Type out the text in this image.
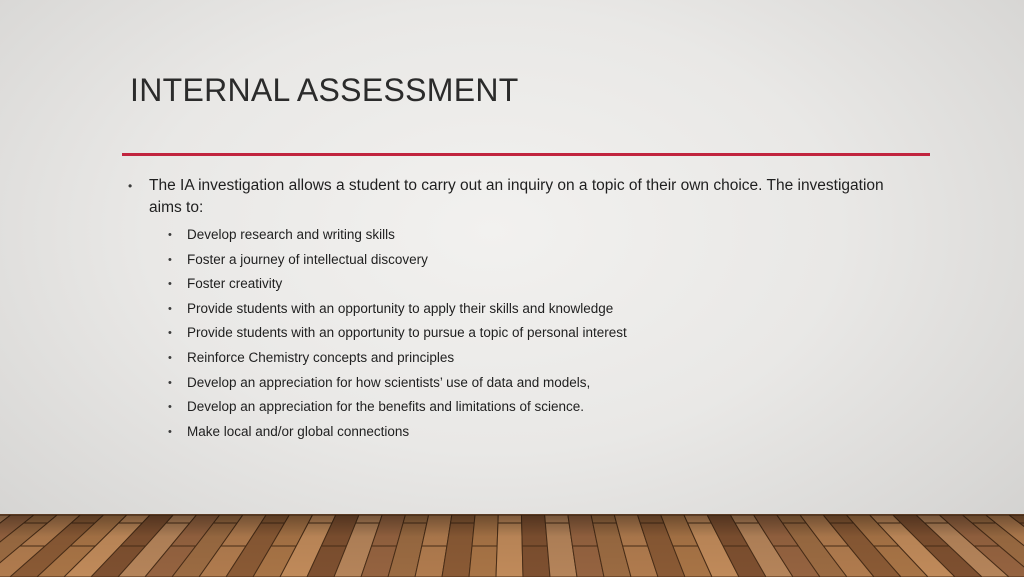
INTERNAL ASSESSMENT
• The IA investigation allows a student to carry out an inquiry on a topic of their own choice. The investigation aims to:
• Develop research and writing skills
• Foster a journey of intellectual discovery
• Foster creativity
• Provide students with an opportunity to apply their skills and knowledge
• Provide students with an opportunity to pursue a topic of personal interest
• Reinforce Chemistry concepts and principles
• Develop an appreciation for how scientists’ use of data and models,
• Develop an appreciation for the benefits and limitations of science.
• Make local and/or global connections
